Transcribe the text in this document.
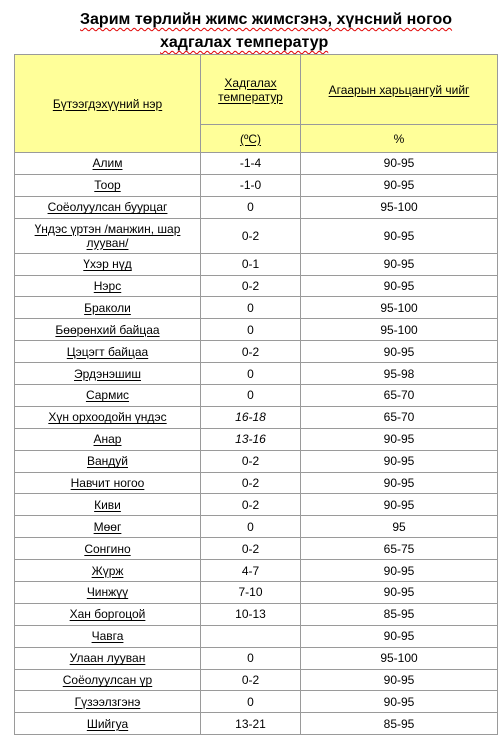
Зарим төрлийн жимс жимсгэнэ, хүнсний ногоо
хадгалах температур
Бүтээгдэхүүний нэр	Хадгалах температур	Агаарын харьцангуй чийг
	(ºС)	%
Алим	-1-4	90-95
Тоор	-1-0	90-95
Соёолуулсан буурцаг	0	95-100
Үндэс үртэн /манжин, шар лууван/	0-2	90-95
Үхэр нүд	0-1	90-95
Нэрс	0-2	90-95
Браколи	0	95-100
Бөөрөнхий байцаа	0	95-100
Цэцэгт байцаа	0-2	90-95
Эрдэнэшиш	0	95-98
Сармис	0	65-70
Хүн орхоодойн үндэс	16-18	65-70
Анар	13-16	90-95
Вандуй	0-2	90-95
Навчит ногоо	0-2	90-95
Киви	0-2	90-95
Мөөг	0	95
Сонгино	0-2	65-75
Жүрж	4-7	90-95
Чинжүү	7-10	90-95
Хан боргоцой	10-13	85-95
Чавга		90-95
Улаан лууван	0	95-100
Соёолуулсан үр	0-2	90-95
Гүзээлзгэнэ	0	90-95
Шийгуа	13-21	85-95
